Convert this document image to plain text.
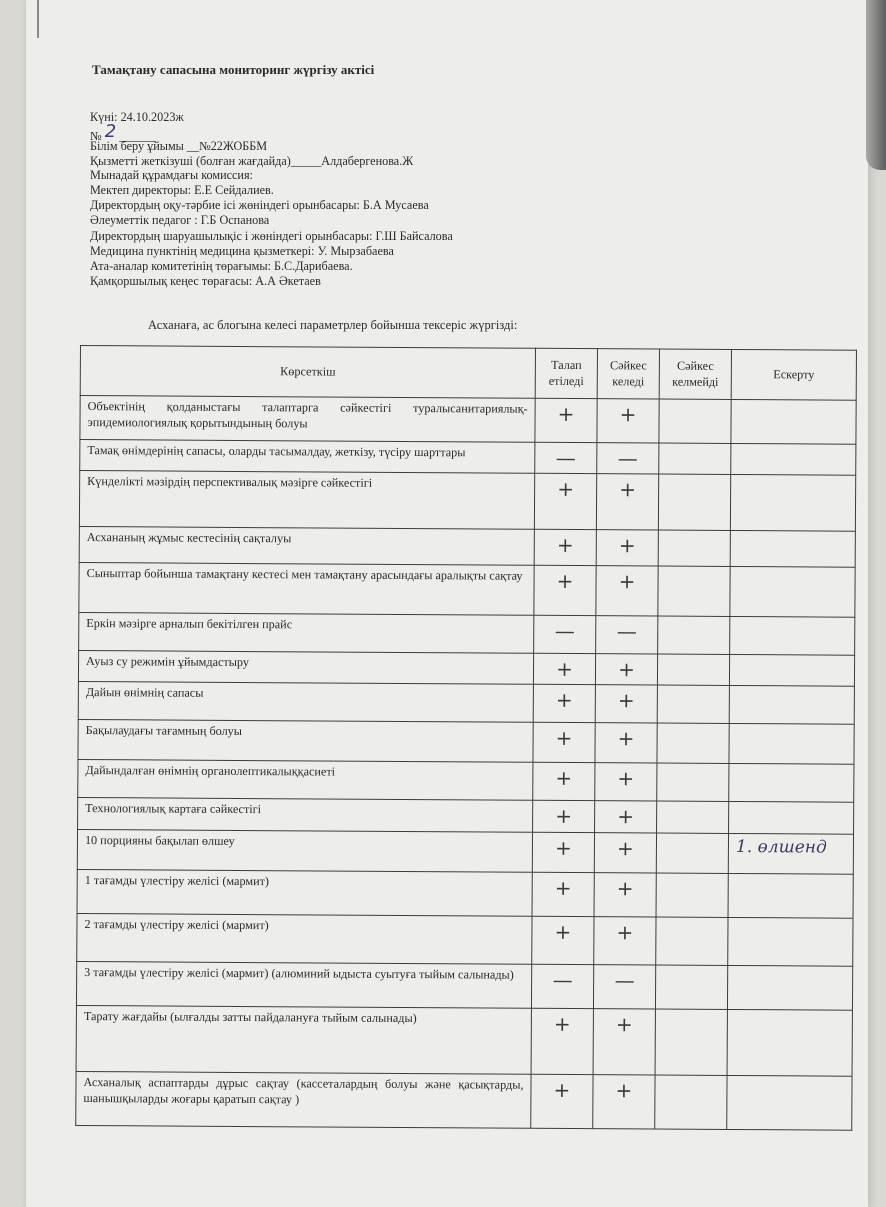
Тамақтану сапасына мониторинг жүргізу актісі
Күні: 24.10.2023ж
№ 2 ______
Білім беру ұйымы __№22ЖОББМ
Қызметті жеткізуші (болған жағдайда)_____Алдабергенова.Ж
Мынадай құрамдағы комиссия:
Мектеп директоры: Е.Е Сейдалиев.
Директордың оқу-тәрбие ісі жөніндегі орынбасары: Б.А Мусаева
Әлеуметтік педагог : Г.Б Оспанова
Директордың шаруашылықіс і жөніндегі орынбасары: Г.Ш Байсалова
Медицина пунктінің медицина қызметкері: У. Мырзабаева
Ата-аналар комитетінің төрағымы: Б.С.Дарибаева.
Қамқоршылық кеңес төрағасы: А.А Әкетаев
Асханаға, ас блогына келесі параметрлер бойынша тексеріс жүргізді:
Көрсеткіш	Талап етіледі	Сәйкес келеді	Сәйкес келмейді	Ескерту
Объектінің қолданыстағы талаптарга сәйкестігі туралысанитариялық-эпидемиологиялық қорытындының болуы	+	+		
Тамақ өнімдерінің сапасы, оларды тасымалдау, жеткізу, түсіру шарттары	—	—		
Күнделікті мәзірдің перспективалық мәзірге сәйкестігі	+	+		
Асхананың жұмыс кестесінің сақталуы	+	+		
Сыныптар бойынша тамақтану кестесі мен тамақтану арасындағы аралықты сақтау	+	+		
Еркін мәзірге арналып бекітілген прайс	—	—		
Ауыз су режимін ұйымдастыру	+	+		
Дайын өнімнің сапасы	+	+		
Бақылаудағы тағамның болуы	+	+		
Дайындалған өнімнің органолептикалыққасиеті	+	+		
Технологиялық картаға сәйкестігі	+	+		
10 порцияны бақылап өлшеу	+	+		1. өлшенд
1 тағамды үлестіру желісі (мармит)	+	+		
2 тағамды үлестіру желісі (мармит)	+	+		
3 тағамды үлестіру желісі (мармит) (алюминий ыдыста суытуға тыйым салынады)	—	—		
Тарату жағдайы (ылғалды затты пайдалануға тыйым салынады)	+	+		
Асханалық аспаптарды дұрыс сақтау (кассеталардың болуы және қасықтарды, шанышқыларды жоғары қаратып сақтау )	+	+		
